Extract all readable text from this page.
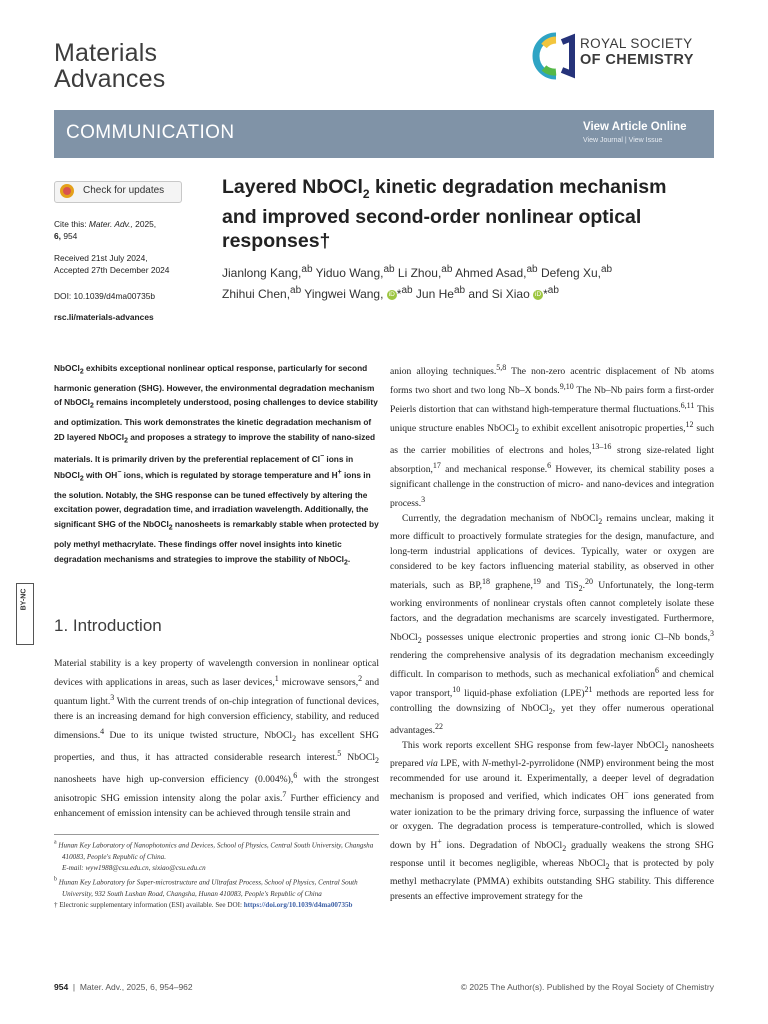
Materials
Advances
ROYAL SOCIETY
OF CHEMISTRY
COMMUNICATION	View Article Online
View Journal | View Issue
Check for updates
Cite this: Mater. Adv., 2025,
6, 954
Received 21st July 2024,
Accepted 27th December 2024
DOI: 10.1039/d4ma00735b
rsc.li/materials-advances
Layered NbOCl$_2$ kinetic degradation mechanism
and improved second-order nonlinear optical
responses†
Jianlong Kang,$^{ab}$ Yiduo Wang,$^{ab}$ Li Zhou,$^{ab}$ Ahmed Asad,$^{ab}$ Defeng Xu,$^{ab}$
Zhihui Chen,$^{ab}$ Yingwei Wang, iD *$^{ab}$ Jun $He^{ab}$ and Si Xiao iD *$^{ab}$
NbOCl$_2$ exhibits exceptional nonlinear optical response, particularly for second harmonic generation (SHG). However, the environmental degradation mechanism of NbOCl$_2$ remains incompletely understood, posing challenges to device stability and optimization. This work demonstrates the kinetic degradation mechanism of 2D layered NbOCl$_2$ and proposes a strategy to improve the stability of nano-sized materials. It is primarily driven by the preferential replacement of Cl− ions in NbOCl$_2$ with OH− ions, which is regulated by storage temperature and H+ ions in the solution. Notably, the SHG response can be tuned effectively by altering the excitation power, degradation time, and irradiation wavelength. Additionally, the significant SHG of the NbOCl$_2$ nanosheets is remarkably stable when protected by poly methyl methacrylate. These findings offer novel insights into kinetic degradation mechanisms and strategies to improve the stability of NbOCl$_2$.
BY-NC
1. Introduction

Material stability is a key property of wavelength conversion in nonlinear optical devices with applications in areas, such as laser devices,$^1$ microwave sensors,$^2$ and quantum light.$^3$ With the current trends of on-chip integration of functional devices, there is an increasing demand for high conversion efficiency, stability, and reduced dimensions.$^4$ Due to its unique twisted structure, NbOCl$_2$ has excellent SHG properties, and thus, it has attracted considerable research interest.$^5$ NbOCl$_2$ nanosheets have high up-conversion efficiency (0.004%),$^6$ with the strongest anisotropic SHG emission intensity along the polar axis.$^7$ Further efficiency and enhancement of emission intensity can be achieved through tensile strain and

$^a$ Hunan Key Laboratory of Nanophotonics and Devices, School of Physics, Central South University, Changsha 410083, People's Republic of China.

E-mail: wyw1988@csu.edu.cn, sixiao@csu.edu.cn

$^b$ Hunan Key Laboratory for Super-microstructure and Ultrafast Process, School of Physics, Central South University, 932 South Lushan Road, Changsha, Hunan 410083, People's Republic of China

† Electronic supplementary information (ESI) available. See DOI: https://doi.org/10.1039/d4ma00735b

anion alloying techniques.$^{5,8}$ The non-zero acentric displacement of Nb atoms forms two short and two long Nb–X bonds.$^{9,10}$ The Nb–Nb pairs form a first-order Peierls distortion that can withstand high-temperature thermal fluctuations.$^{6,11}$ This unique structure enables NbOCl$_2$ to exhibit excellent anisotropic properties,$^{12}$ such as the carrier mobilities of electrons and holes,$^{13-16}$ strong size-related light absorption,$^{17}$ and mechanical response.$^6$ However, its chemical stability poses a significant challenge in the construction of micro- and nano-devices and integration process.$^3$

Currently, the degradation mechanism of NbOCl$_2$ remains unclear, making it more difficult to proactively formulate strategies for the design, manufacture, and long-term industrial applications of devices. Typically, water or oxygen are considered to be key factors influencing material stability, as observed in other materials, such as BP,$^{18}$ graphene,$^{19}$ and TiS$_2$.$^{20}$ Unfortunately, the long-term working environments of nonlinear crystals often cannot completely isolate these factors, and the degradation mechanisms are scarcely investigated. Furthermore, NbOCl$_2$ possesses unique electronic properties and strong ionic Cl–Nb bonds,$^3$ rendering the comprehensive analysis of its degradation mechanism exceedingly difficult. In comparison to methods, such as mechanical exfoliation$^6$ and chemical vapor transport,$^{10}$ liquid-phase exfoliation (LPE)$^{21}$ methods are reported less for controlling the downsizing of NbOCl$_2$, yet they offer numerous operational advantages.$^{22}$

This work reports excellent SHG response from few-layer NbOCl$_2$ nanosheets prepared via LPE, with N-methyl-2-pyrrolidone (NMP) environment being the most recommended for use around it. Experimentally, a deeper level of degradation mechanism is proposed and verified, which indicates OH− ions generated from water ionization to be the primary driving force, surpassing the influence of water or oxygen. The degradation process is temperature-controlled, which is slowed down by H+ ions. Degradation of NbOCl$_2$ gradually weakens the strong SHG response until it becomes negligible, whereas NbOCl$_2$ that is protected by poly methyl methacrylate (PMMA) exhibits outstanding SHG stability. This difference presents an effective improvement strategy for the

954  |  Mater. Adv., 2025, 6, 954–962	© 2025 The Author(s). Published by the Royal Society of Chemistry
